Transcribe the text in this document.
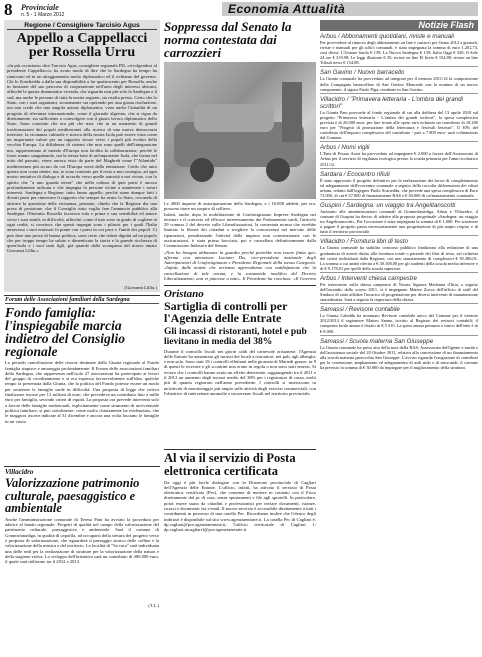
8 Provinciale
n. 5 - 1 Marzo 2012	Economia Attualità
Regione / Consigliere Tarcisio Agus
Appello a Cappellacci per Rossella Urru
«In più occasioni» dice Tarcisio Agus, consigliere regionale PD, «rivolgendosi al presidente Cappellacci» ha avuto modo di dire che la Sardegna ha tempo ha rinnovato ed in un atteggiamento molto diplomatico ed il richiamo del governo. Chi le Zoncheddu a dalla sua disponibilità a far quattrocento per Rossella, anche in funzione del suo percorso di cooperazione nell'area degli interessi africani, affinché la questa drammatica vicenda, che riguarda non più solo la Sardegna e il sud, ma anche le persone di tutta la nostra regione, sia risolta presto. Certo che lo Stato, con i suoi organismi, sicuramente sta operando per una giusta risoluzione, ma non credo che una singola azione diplomatica, vista anche l'attualità di un progetto di rilevanza internazionale, come il giornale algerino, che si rigua da direttamente, sia sufficiente a coinvolgere con il giusto lavoro diplomatico dello Stato. Sono convinto che ora più che mai, che in un momento di grandi trasformazioni dei popoli mediterranei alla ricerca di una nuova democrazia interiore, la vicinanza culturale e storica della nostra Isola può essere vista come un importante valore per un rapporto sicuro verso i popoli più evoluti della vecchia Europa. La diffidenza di sistemi che non sono quelli dell'integrazione ma, rappresentano al mondo d'Europa non facilita la collaborazione, perché le forze stanno sanguinando, ma la stessa base di un'importante Isola, che forma nel mito del passato, viene ancora vista da parte del Maghreb come l'"Atlantide" mediterraneo più sicuro da cui l'Europa vorrà della tentazione. Credo che tutto questo non conta niente, ma, io sono convinto per il resto a mio sostegno, ad ogni nostro tentativo di dialogo e di accordo verso quelle autorità a noi vicine, con lo spirito che "a uno guarda terrae" che nella cultura di quei paesi è ancora profondamente radicata e che impegna la persone vicine a mantenere i nostri interessi. Sardegna e Regione, tutto fanno appello, perché siano dunque fatti i dovuti passi per rinnovare il rapporto che sempre ha avuto lo Stato, cercando di attivare la questione della vicinanza, pertanto, chiedo che la Regione dia una presa di posizione, che il Consiglio tutto voglia fare l'annuncio pubblico alla Sardegna. Oltretutto Rossella lavorava sola e prima e sua sensibilità ed amore verso i suoi simili, in difficoltà, affinché, come il mio sono in grado di cogliere in ogni realtà, si convinca che questi impegni sono i pilastri per i quali l'Italia attraverso i suoi emissari fa ponte con i paesi in cui pace e l'unità dei popoli. Ci può dare una prova di buona politica, sono certo che ridarà dignità ad un popolo che per troppo tempo ha subito e dimenticato la storia e la grande ricchezza di quest'isola e i suoi tanti figli, già quando dalla scomparsa del nostro amato Giovanni Lilliu.»
(Giovanni Lilliu.)
Forum delle Associazioni familiari della Sardegna
Fondo famiglia: l'inspiegabile marcia indietro del Consiglio regionale
La periodo cancellazione delle risorse destinate dalla Giunta regionale al Fondo famiglia stupisce e amareggia profondamente. Il Forum delle associazioni familiari della Sardegna, che rappresenta nell'isola 27 associazioni ha partecipato ai lavori del gruppo di coordinamento e si era espressa favorevolmente sull'idea, qualche tempo fa presentata dalla Giunta, che la politica del Fondo potesse essere un modo per sostenere le famiglie sarde in difficoltà. Una proposta di legge che voleva finalizzare risorse per 12 milioni di euro, che prevedeva un contributo fino a mille euro per famiglia, secondo criteri di equità. La proposta ora prevede interventi solo a favore delle famiglie tradizionali, esplicitamente come strumento di un'eventuale politica familiare, si può sottolineare, come molto chiaramente ha evidenziato, che le maggiori risorse indicate al 31 dicembre e ancora una volta lasciano le famiglie in un vuoto.
Villacidro
Valorizzazione patrimonio culturale, paesaggistico e ambientale
Anche l'amministrazione comunale di Teresa Pani ha avviato la procedura per aderire al bando regionale. Progetti di qualità nel campo della valorizzazione del patrimonio culturale, paesaggistico e ambientale. Sarà il comune di Gonnosfanadiga, in qualità di capofila, ad occuparsi della stesura del progetto verso e proposta di valorizzazione, che riguarderà il paesaggio storico delle colline e la valorizzazione della musica e del territorio. La località di "Sa cora" sarà individuata una delle sedi per la realizzazione di strutture per la valorizzazione della natura e della stagione estiva. Lo sviluppo dell'iniziativa sarà un contributo di 400.000 euro, il quale sarà utilizzato tra il 2012 e 2013.
(T.L.)
Soppressa dal Senato la norma contestata dai carrozzieri
Le 4000 imprese di autoriparazione della Sardegna, e i 10.000 addetti, per ora, possono tirare un sospiro di sollievo.
Infatti, anche dopo la mobilitazione di Confartigianato Imprese Sardegna nei territori e il concreto ed efficace interessamento dei Parlamentari sardi, l'articolo 29 comma 2 del decreto sulle Liberalizzazioni, la contestata norma che avrebbe limitato la libertà dei cittadini a scegliere la concorrenza nel mercato delle riparazioni, penalizzando l'attività delle imprese non convenzionate con le assicurazioni, è stata prima bocciata, poi e cancellata definitivamente dalla Commissione Industria del Senato.
«Non ha bisogno abbassare la guardia perché potrebbe non essere finita qui» afferma con attenzione Luciano Dis, vice-presidente nazionale degli Autoriparatori di Confartigianato e Presidente Regionale della stessa Categoria. «Infatti, dalle notizie che arrivano apprendiamo con soddisfazione che la cancellazione di tale norma, e la sostanziale modifica del Decreto Liberalizzazioni, non vi piacesse a tutti». Il Presidente ha concluso: «Il Governo
Oristano
Sartiglia di controlli per l'Agenzia delle Entrate
Gli incassi di ristoranti, hotel e pub lievitano in media del 38%
Durante il controllo fiscali nei giorni caldi del carnevale oristanese, l'Agenzia delle Entrate ha aumentato gli incassi dei locali a ristoratori, nei pub, agli alberghi, e non solo. Sono stati 18 i controlli effettuati nella giornata di Martedì grasso: in 9 di questi le ricevute e gli scontrini non erano in regola o non sono stati emessi. Si evince che i controlli hanno avuto un effetto deterrente, raggiungendo tra il 2011 e il 2012 un aumento degli incassi medio del 38% per i registratori di cassa, molti più di quanto registrato nell'anno precedente. I controlli si inseriscono in un'attività di monitoraggio più ampia sulle attività degli esercizi commerciali, con l'obiettivo di intercettare anomalie e incoerenze fiscali nel territorio provinciale.
Al via il servizio di Posta elettronica certificata
Da oggi è più facile dialogare con la Direzione provinciale di Cagliari dell'Agenzia delle Entrate. L'ufficio, infatti, ha attivato il servizio di Posta elettronica certificata (Pec), che consente di mettere in contatto con il Fisco direttamente dal pc di casa, senza spostamenti e file agli sportelli. In particolare, potrà essere usata da cittadini e professionisti per inviare documenti, istanze, ricorsi e documenti via e-mail. Il nuovo servizio è accessibile direttamente a tutti i contribuenti in possesso di una casella Pec. Ricordiamo inoltre che l'elenco degli indirizzi è disponibile sul sito www.agenziaentrate.it. La casella Pec di Cagliari è: dp.cagliari@pce.agenziaentrate.it, l'ufficio territoriale di Cagliari 1: dp.cagliari.utcagliari1@pce.agenziaentrate.it
Notizie Flash
Arbus / Abbonamenti quotidiani, riviste e manuali
Per provvedere al rinnovo degli abbonamenti on line e cartacei per l'anno 2012 a giornali, riviste e manuali per gli uffici comunali, è stata impegnata la somma di euro 1.202,74, così divisi: L'Unione Sarda € 139; La Nuova Sardegna € 139; Italia Oggi € 320; Il Sole 24 ore € 319,98; Le leggi illustrate € 35; riviste on line El Invio € 154,88; riviste on line Tributi news € 154,88.
San Gavino / Nuovo barracello
La Giunta comunale ha provveduto ad integrare per il triennio 2011/14 la composizione della Compagnia barracellare di San Gavino Monreale con la nomina di un nuovo componente, il signor Paolo Piga, residente in San Gavino.
Villacidro / "Primavera letteraria - L'ombra dei grandi scrittori"
La Giunta Pani provvede al fondo regionale di cui alla delibera del 13 aprile 2010 sul progetto "Primavera letteraria - L'ombra dei grandi scrittori", la spesa complessiva prevista è di 26.000 euro: per fare fronte alle spese sarà richiesto un contributo di 18.200 euro per "Progetti di promozione della letteratura e festivali letterari". Il 30% del contributo dell'importo complessivo del contributo - pari a 7.800 euro- sarà cofinanziato dal Comune.
Arbus / Nomi vigili
L'Ente di Pesaro Arzot ha provveduto ad impegnare € 2.000 a favore dell'Assessorato di Arbus per il servizio di vigilanza ecologica presso la scuola primaria per l'anno scolastico 2011/12.
Sardara / Ecocentro rifiuti
È stato approvato il progetto definitivo per la realizzazione dei lavori di completamento ed adeguamento dell'ecocentro comunale a seguito della raccolta differenziata dei rifiuti urbani, redatto dall'ingegner Paolo Scarteddu, che prevede una spesa complessiva di Euro 72.000, di cui € 57.800 di finanziamento RAS e € 30.000 di cofinanziamento comunale.
Guspini / Sardegna: un viaggio tra Angelitanscotti
Anzitutto alle amministrazioni comunali di Gonnosfanadiga, Arbus e Villacidro, il comune di Guspini ha deciso di aderire alla proposta progettuale «Sardegna: un viaggio tra Angelitanscotti». Per l'occasione è stata impegnata la somma di € 1.000. Per sostenere a pagare il progetto passa necessariamente una progettazione di più ampio respiro e di tutto il territorio provinciale.
Villacidro / Fornitura libri di testo
La Giunta comunale ha stabilito concorso pubblico finalizzato alla redazione di una graduatoria di aventi diritto alla fornitura totale o parziale dei libri di testo, sul richiesta dei criteri individuati dalla Regione, con uno stanziamento di complessivi € 39.286,01. La somma a cui andrà riferita a € 30.108,00 per gli studenti della scuola media inferiore e di € 9.178,01 per quelli della scuola superiore.
Arbus / Interventi chiesa campestre
Per intervenire sulla chiesa campestre di Nostra Signora Madonna d'Itria, a seguito dell'incendio dello scorso 2011, si è impegnato Matteo Zucca dell'ufficio di staff del Sindaco di stato affidare l'incarico di progettazione per diversi interventi di manutenzione straordinaria. Sarà a seguito la riapertura della chiesa.
Samassi / Revisore contabile
La Giunta Cabiddu ha nominato Revisore contabile unico del Comune per il triennio 2012/2014 il ragioniere Matteo Sanna, iscritto al Registro dei revisori contabili; il compenso lordo annuo è fissato in € 5.310. La spesa annua presunta a carico dell'ente è in € 8.000.
Samassi / Scuola materna San Giuseppe
La Giunta comunale ha preso atto della nota della RAS, Assessorato dell'igiene e sanità e dell'assistenza sociale del 20 Ottobre 2011, relativa alla concessione di un finanziamento alla scuola materna parrocchia San Giuseppe. L'avviso riguarda l'erogazione di contributi per la costruzione, ampliamento ed adeguamento di asili nido e di micronidi; il comune ha previsto la somma di € 30.000 da impiegare per il miglioramento della struttura.
